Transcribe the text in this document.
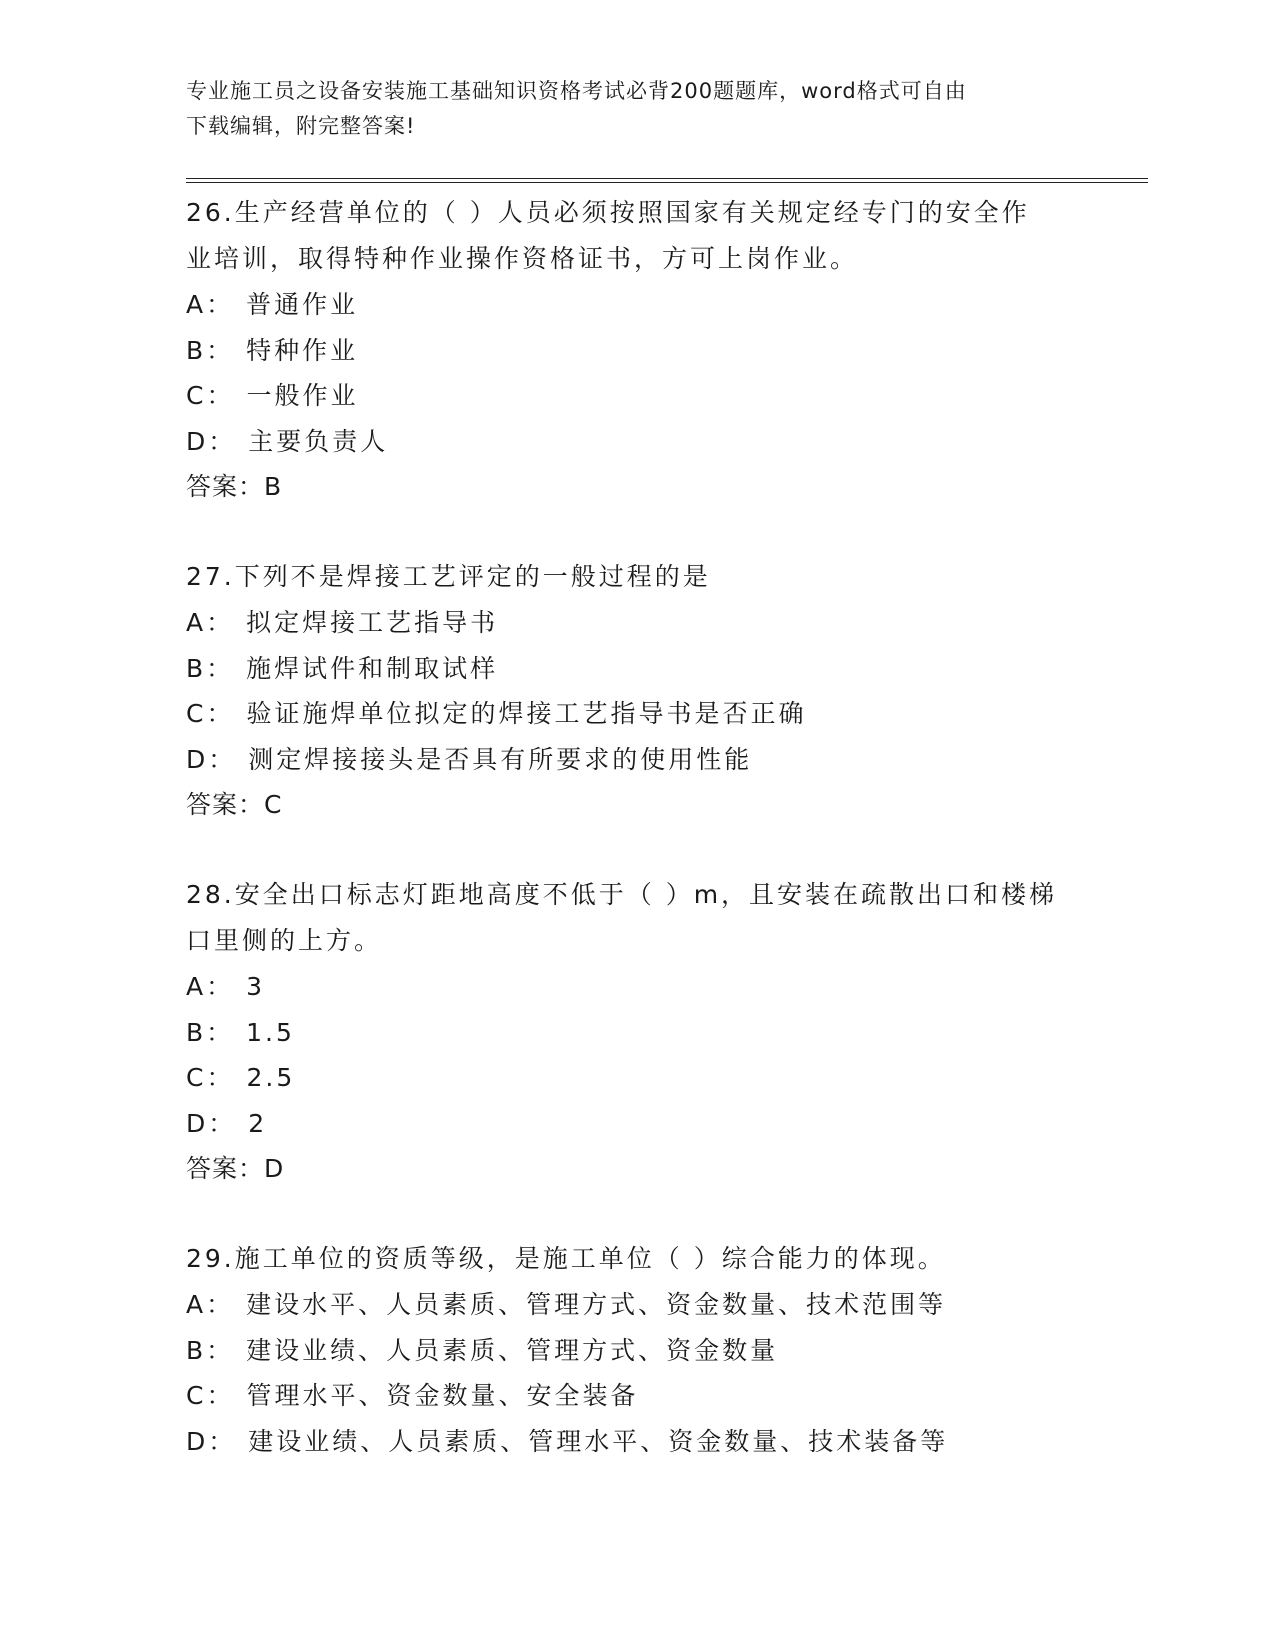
专业施工员之设备安装施工基础知识资格考试必背200题题库，word格式可自由
下载编辑，附完整答案!

26.生产经营单位的（ ）人员必须按照国家有关规定经专门的安全作

业培训，取得特种作业操作资格证书，方可上岗作业。

A： 普通作业

B： 特种作业

C： 一般作业

D： 主要负责人

答案：B

27.下列不是焊接工艺评定的一般过程的是

A： 拟定焊接工艺指导书

B： 施焊试件和制取试样

C： 验证施焊单位拟定的焊接工艺指导书是否正确

D： 测定焊接接头是否具有所要求的使用性能

答案：C

28.安全出口标志灯距地高度不低于（ ）m，且安装在疏散出口和楼梯

口里侧的上方。

A： 3

B： 1.5

C： 2.5

D： 2

答案：D

29.施工单位的资质等级，是施工单位（ ）综合能力的体现。

A： 建设水平、人员素质、管理方式、资金数量、技术范围等

B： 建设业绩、人员素质、管理方式、资金数量

C： 管理水平、资金数量、安全装备

D： 建设业绩、人员素质、管理水平、资金数量、技术装备等
